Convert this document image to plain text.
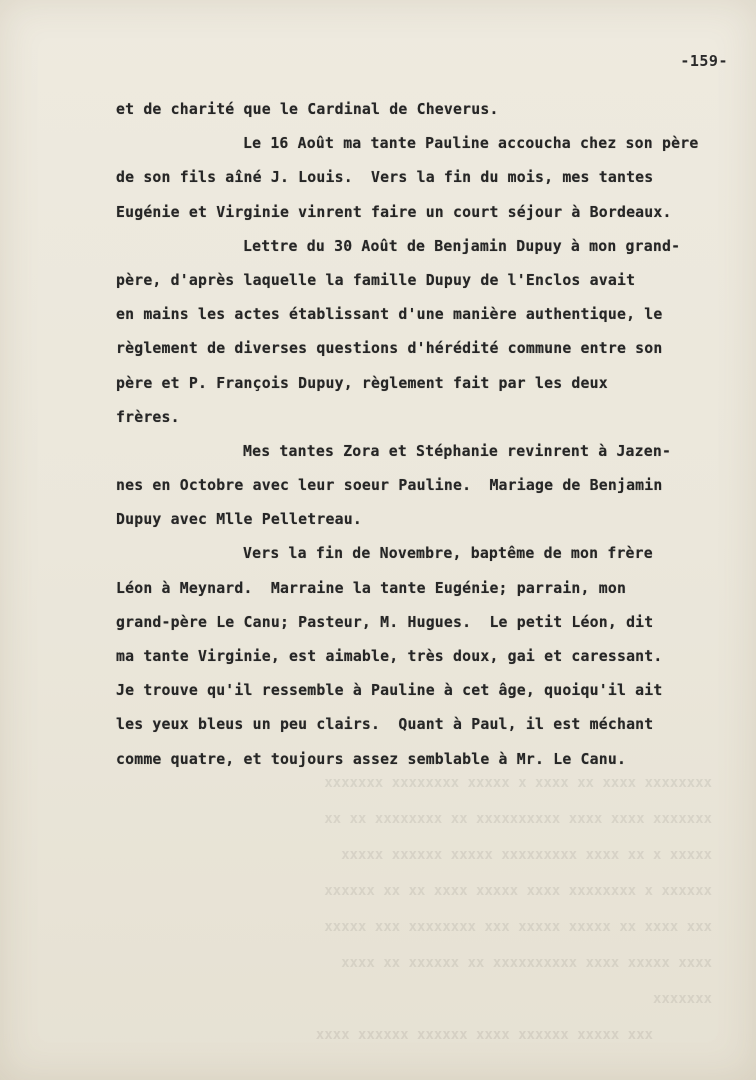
xxxxxxxx xxxx xx xxxx x xxxxx xxxxxxxx xxxxxxx
xxxxxxx xxxx xxxx xxxxxxxxxx xx xxxxxxxx xx xx
xxxxx x xx xxxx xxxxxxxxx xxxxx xxxxxx xxxxx
xxxxxx x xxxxxxxx xxxx xxxxx xxxx xx xx xxxxxx
xxx xxxx xx xxxxx xxxxx xxx xxxxxxxx xxx xxxxx
xxxx xxxxx xxxx xxxxxxxxxx xx xxxxxx xx xxxx
xxxxxxx
xxx xxxxx xxxxxx xxxx xxxxxx xxxxxx xxxx
-159-
et de charité que le Cardinal de Cheverus.
Le 16 Août ma tante Pauline accoucha chez son père
de son fils aîné J. Louis.  Vers la fin du mois, mes tantes
Eugénie et Virginie vinrent faire un court séjour à Bordeaux.
Lettre du 30 Août de Benjamin Dupuy à mon grand-
père, d'après laquelle la famille Dupuy de l'Enclos avait
en mains les actes établissant d'une manière authentique, le
règlement de diverses questions d'hérédité commune entre son
père et P. François Dupuy, règlement fait par les deux
frères.
Mes tantes Zora et Stéphanie revinrent à Jazen-
nes en Octobre avec leur soeur Pauline.  Mariage de Benjamin
Dupuy avec Mlle Pelletreau.
Vers la fin de Novembre, baptême de mon frère
Léon à Meynard.  Marraine la tante Eugénie; parrain, mon
grand-père Le Canu; Pasteur, M. Hugues.  Le petit Léon, dit
ma tante Virginie, est aimable, très doux, gai et caressant.
Je trouve qu'il ressemble à Pauline à cet âge, quoiqu'il ait
les yeux bleus un peu clairs.  Quant à Paul, il est méchant
comme quatre, et toujours assez semblable à Mr. Le Canu.
